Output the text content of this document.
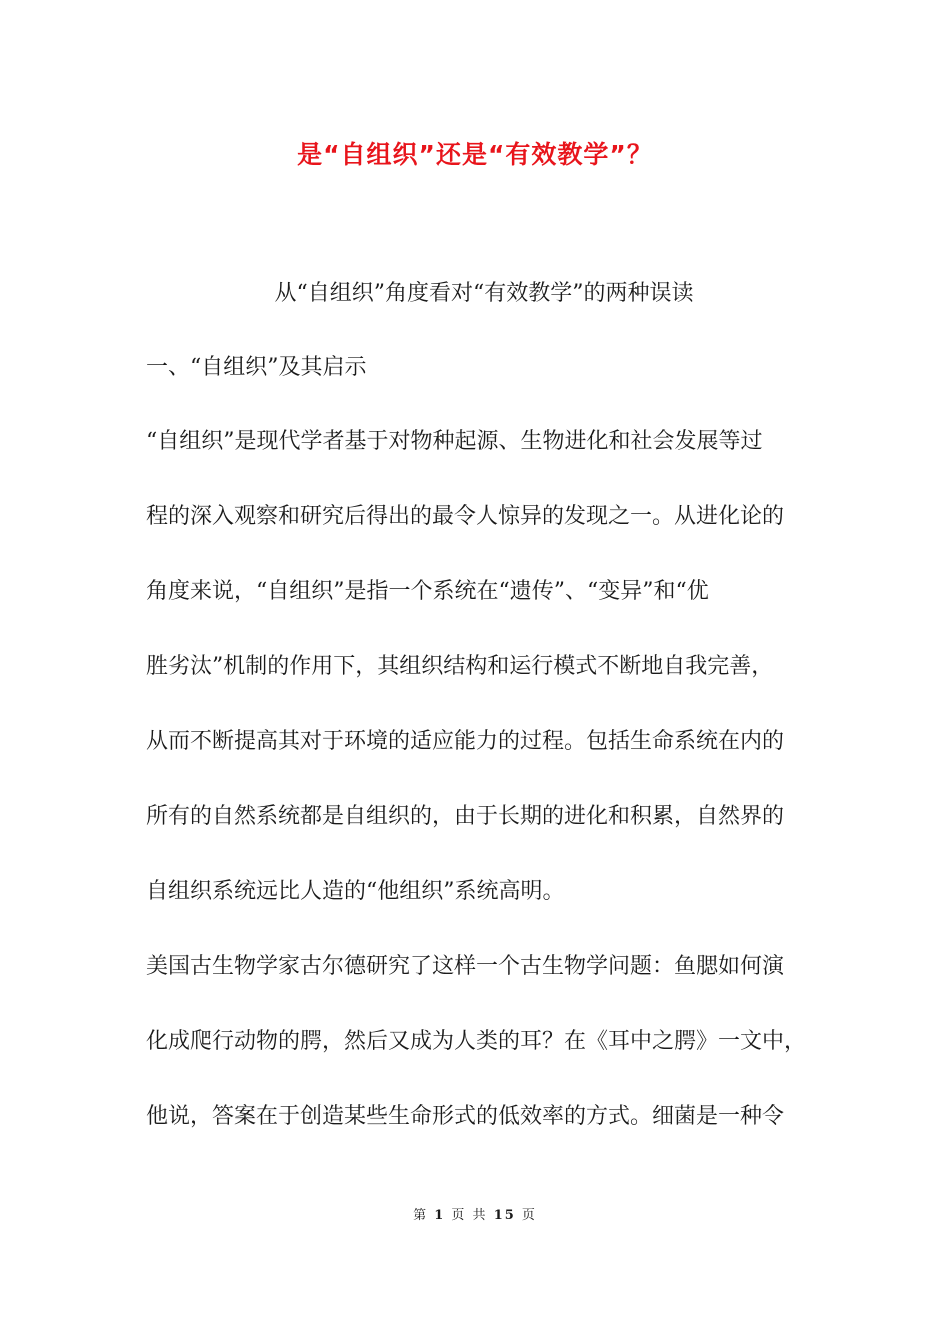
是“自组织”还是“有效教学”？
从“自组织”角度看对“有效教学”的两种误读
一、“自组织”及其启示
“自组织”是现代学者基于对物种起源、生物进化和社会发展等过
程的深入观察和研究后得出的最令人惊异的发现之一。从进化论的
角度来说，“自组织”是指一个系统在“遗传”、“变异”和“优
胜劣汰”机制的作用下，其组织结构和运行模式不断地自我完善，
从而不断提高其对于环境的适应能力的过程。包括生命系统在内的
所有的自然系统都是自组织的，由于长期的进化和积累，自然界的
自组织系统远比人造的“他组织”系统高明。
美国古生物学家古尔德研究了这样一个古生物学问题：鱼腮如何演
化成爬行动物的腭，然后又成为人类的耳？在《耳中之腭》一文中，
他说，答案在于创造某些生命形式的低效率的方式。细菌是一种令
第 1 页 共 15 页
